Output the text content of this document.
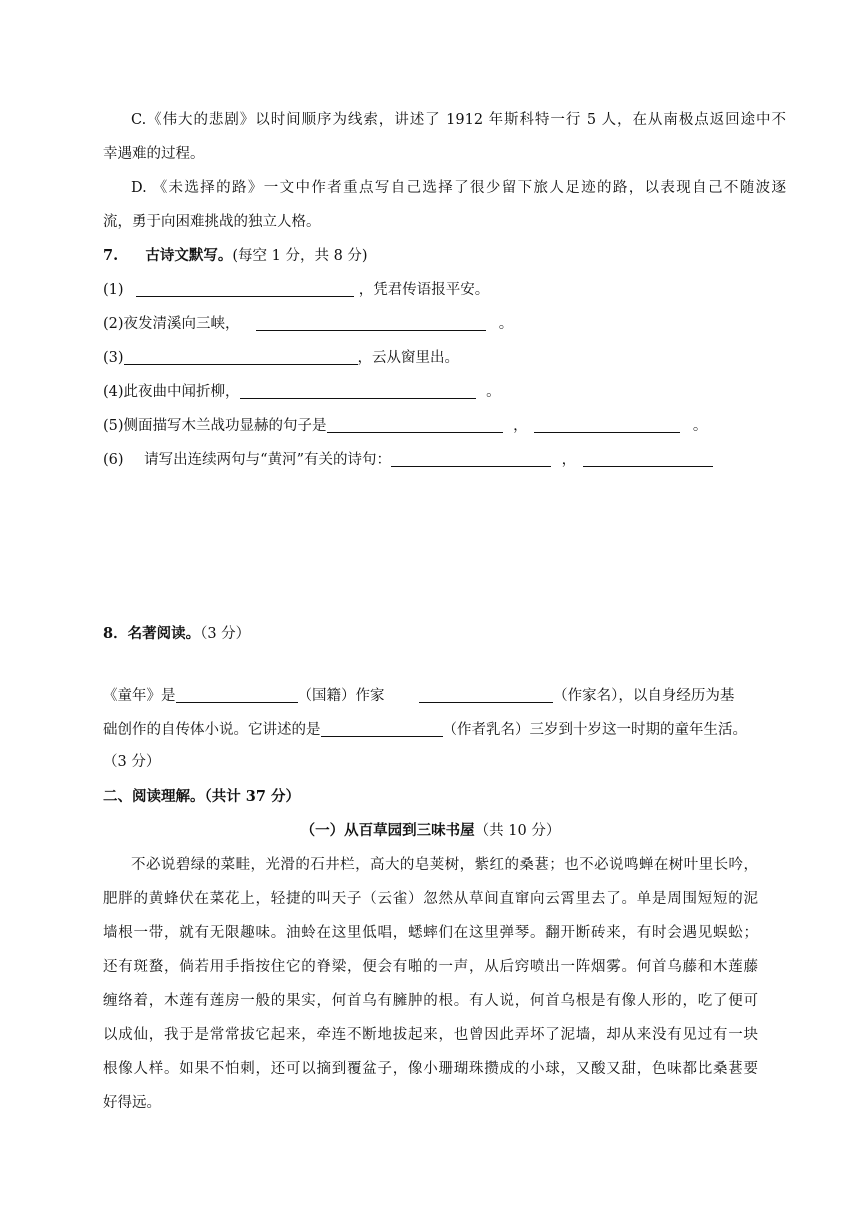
C.《伟大的悲剧》以时间顺序为线索，讲述了 1912 年斯科特一行 5 人，在从南极点返回途中不
幸遇难的过程。
D. 《未选择的路》一文中作者重点写自己选择了很少留下旅人足迹的路，以表现自己不随波逐
流，勇于向困难挑战的独立人格。
7. 古诗文默写。(每空 1 分，共 8 分)
(1)	，凭君传语报平安。
(2)夜发清溪向三峡，	。
(3)	，云从窗里出。
(4)此夜曲中闻折柳，	。
(5)侧面描写木兰战功显赫的句子是	，	。
(6) 请写出连续两句与“黄河”有关的诗句：	，
8．名著阅读。（3 分）
《童年》是	（国籍）作家	（作家名），以自身经历为基
础创作的自传体小说。它讲述的是	（作者乳名）三岁到十岁这一时期的童年生活。
（3 分）
二、阅读理解。（共计 37 分）
（一）从百草园到三味书屋（共 10 分）
不必说碧绿的菜畦，光滑的石井栏，高大的皂荚树，紫红的桑葚；也不必说鸣蝉在树叶里长吟，
肥胖的黄蜂伏在菜花上，轻捷的叫天子（云雀）忽然从草间直窜向云霄里去了。单是周围短短的泥
墙根一带，就有无限趣味。油蛉在这里低唱，蟋蟀们在这里弹琴。翻开断砖来，有时会遇见蜈蚣；
还有斑蝥，倘若用手指按住它的脊梁，便会有啪的一声，从后窍喷出一阵烟雾。何首乌藤和木莲藤
缠络着，木莲有莲房一般的果实，何首乌有臃肿的根。有人说，何首乌根是有像人形的，吃了便可
以成仙，我于是常常拔它起来，牵连不断地拔起来，也曾因此弄坏了泥墙，却从来没有见过有一块
根像人样。如果不怕刺，还可以摘到覆盆子，像小珊瑚珠攒成的小球，又酸又甜，色味都比桑葚要
好得远。
